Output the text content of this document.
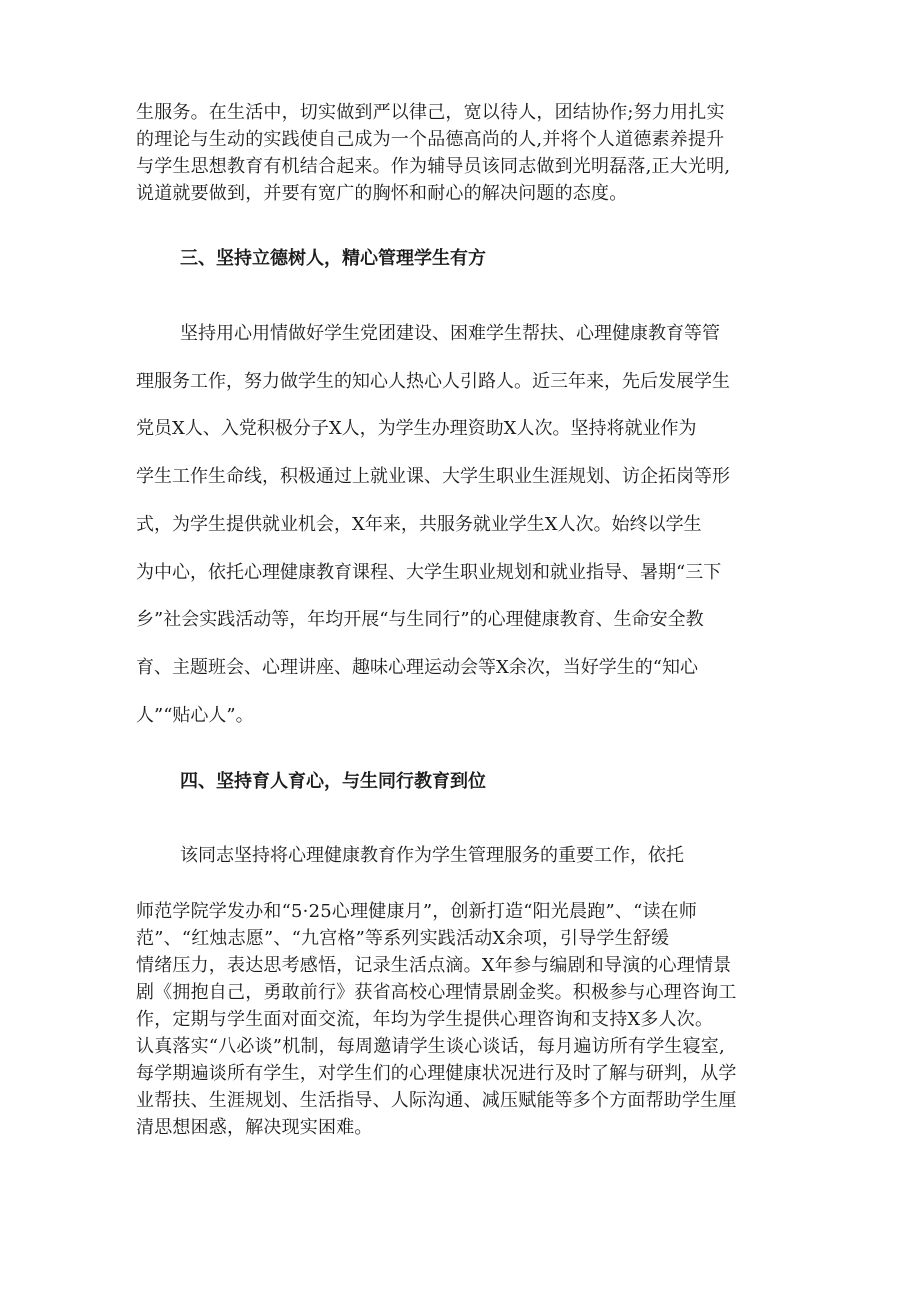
生服务。在生活中，切实做到严以律己，宽以待人，团结协作;努力用扎实
的理论与生动的实践使自己成为一个品德高尚的人,并将个人道德素养提升
与学生思想教育有机结合起来。作为辅导员该同志做到光明磊落,正大光明,
说道就要做到，并要有宽广的胸怀和耐心的解决问题的态度。
三、坚持立德树人，精心管理学生有方
坚持用心用情做好学生党团建设、困难学生帮扶、心理健康教育等管
理服务工作，努力做学生的知心人热心人引路人。近三年来，先后发展学生
党员X人、入党积极分子X人，为学生办理资助X人次。坚持将就业作为
学生工作生命线，积极通过上就业课、大学生职业生涯规划、访企拓岗等形
式，为学生提供就业机会，X年来，共服务就业学生X人次。始终以学生
为中心，依托心理健康教育课程、大学生职业规划和就业指导、暑期“三下
乡”社会实践活动等，年均开展“与生同行”的心理健康教育、生命安全教
育、主题班会、心理讲座、趣味心理运动会等X余次，当好学生的“知心
人”“贴心人”。
四、坚持育人育心，与生同行教育到位
该同志坚持将心理健康教育作为学生管理服务的重要工作，依托
师范学院学发办和“5·25心理健康月”，创新打造“阳光晨跑”、“读在师
范”、“红烛志愿”、“九宫格”等系列实践活动X余项，引导学生舒缓
情绪压力，表达思考感悟，记录生活点滴。X年参与编剧和导演的心理情景
剧《拥抱自己，勇敢前行》获省高校心理情景剧金奖。积极参与心理咨询工
作，定期与学生面对面交流，年均为学生提供心理咨询和支持X多人次。
认真落实“八必谈”机制，每周邀请学生谈心谈话，每月遍访所有学生寝室,
每学期遍谈所有学生，对学生们的心理健康状况进行及时了解与研判，从学
业帮扶、生涯规划、生活指导、人际沟通、减压赋能等多个方面帮助学生厘
清思想困惑，解决现实困难。
